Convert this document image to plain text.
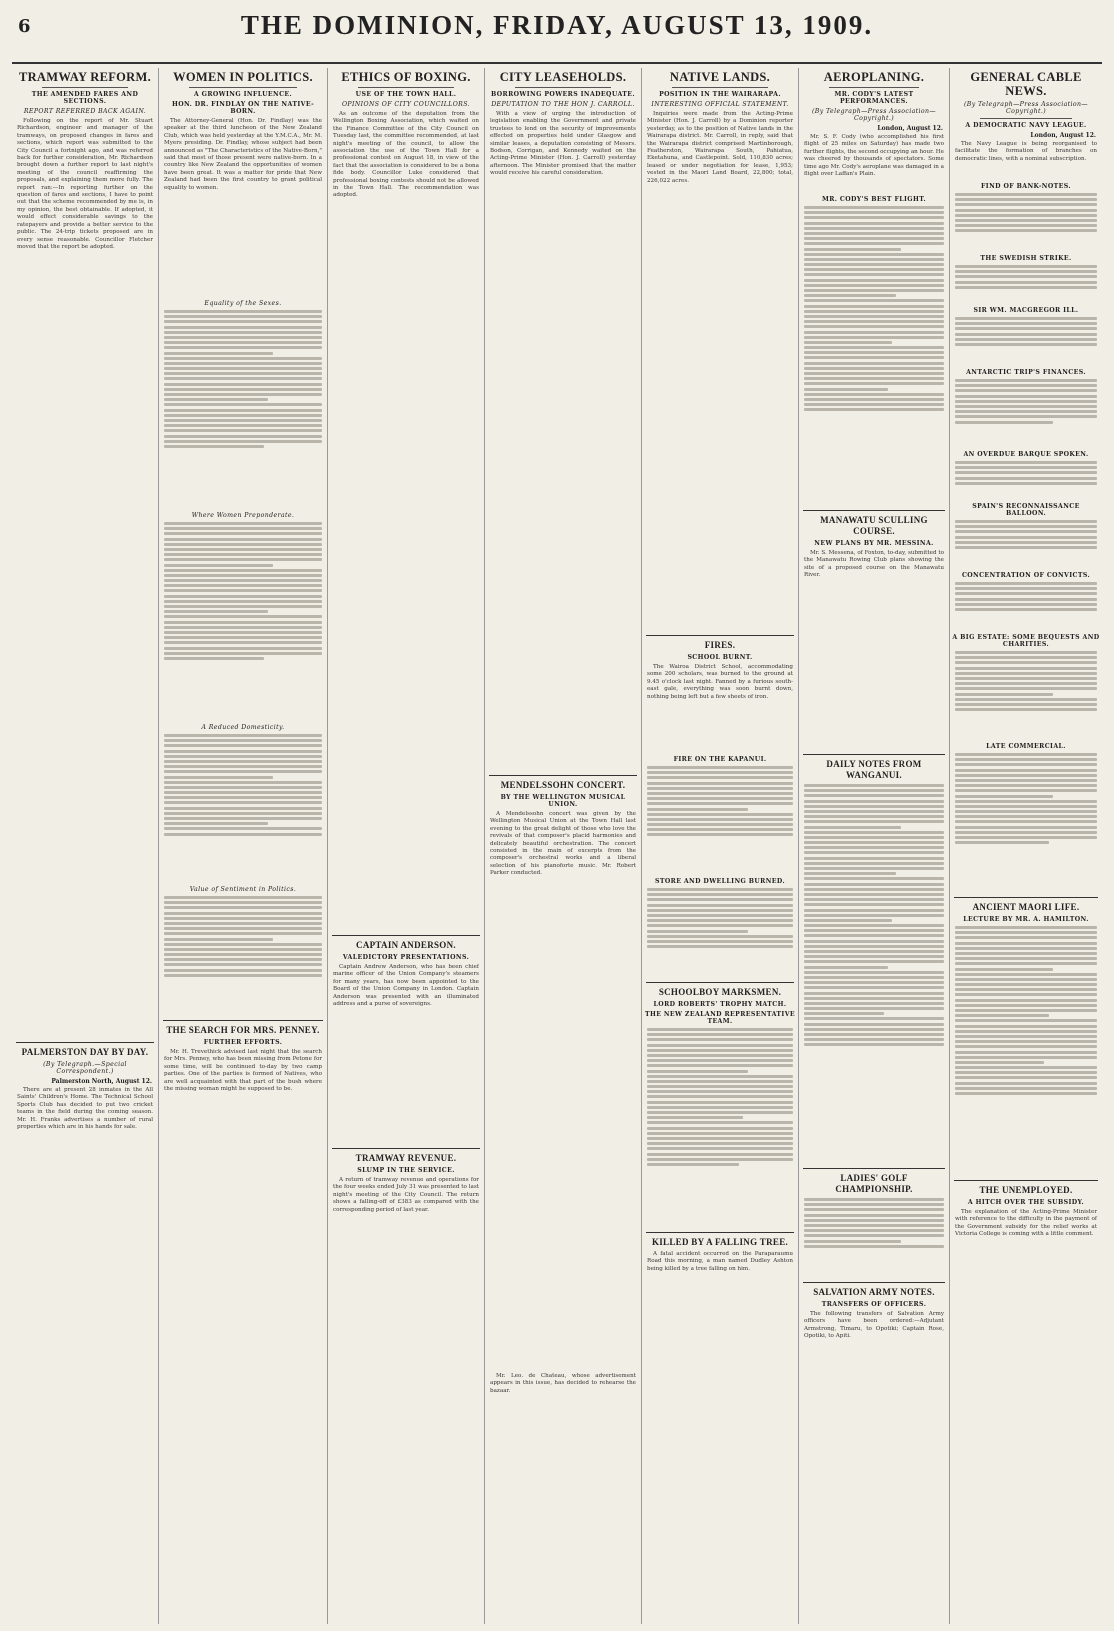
6	THE DOMINION, FRIDAY, AUGUST 13, 1909.
TRAMWAY REFORM.
THE AMENDED FARES AND SECTIONS.
REPORT REFERRED BACK AGAIN.

Following on the report of Mr. Stuart Richardson, engineer and manager of the tramways, on proposed changes in fares and sections, which report was submitted to the City Council a fortnight ago, and was referred back for further consideration, Mr. Richardson brought down a further report to last night's meeting of the council reaffirming the proposals, and explaining them more fully. The report ran:—In reporting further on the question of fares and sections, I have to point out that the scheme recommended by me is, in my opinion, the best obtainable. If adopted, it would effect considerable savings to the ratepayers and provide a better service to the public. The 24-trip tickets proposed are in every sense reasonable. Councillor Fletcher moved that the report be adopted.

PALMERSTON DAY BY DAY.
(By Telegraph.—Special Correspondent.)
Palmerston North, August 12.

There are at present 28 inmates in the All Saints' Children's Home. The Technical School Sports Club has decided to put two cricket teams in the field during the coming season. Mr. H. Franks advertises a number of rural properties which are in his hands for sale.

WOMEN IN POLITICS.
A GROWING INFLUENCE.
HON. DR. FINDLAY ON THE NATIVE-BORN.

The Attorney-General (Hon. Dr. Findlay) was the speaker at the third luncheon of the New Zealand Club, which was held yesterday at the Y.M.C.A., Mr. M. Myers presiding. Dr. Findlay, whose subject had been announced as "The Characteristics of the Native-Born," said that most of those present were native-born. In a country like New Zealand the opportunities of women have been great. It was a matter for pride that New Zealand had been the first country to grant political equality to women.

Equality of the Sexes.
Where Women Preponderate.
A Reduced Domesticity.
Value of Sentiment in Politics.
THE SEARCH FOR MRS. PENNEY.
FURTHER EFFORTS.

Mr. H. Trevethick advised last night that the search for Mrs. Penney, who has been missing from Petone for some time, will be continued to-day by two camp parties. One of the parties is formed of Natives, who are well acquainted with that part of the bush where the missing woman might be supposed to be.

ETHICS OF BOXING.
USE OF THE TOWN HALL.
OPINIONS OF CITY COUNCILLORS.

As an outcome of the deputation from the Wellington Boxing Association, which waited on the Finance Committee of the City Council on Tuesday last, the committee recommended, at last night's meeting of the council, to allow the association the use of the Town Hall for a professional contest on August 18, in view of the fact that the association is considered to be a bona fide body. Councillor Luke considered that professional boxing contests should not be allowed in the Town Hall. The recommendation was adopted.

CAPTAIN ANDERSON.
VALEDICTORY PRESENTATIONS.

Captain Andrew Anderson, who has been chief marine officer of the Union Company's steamers for many years, has now been appointed to the Board of the Union Company in London. Captain Anderson was presented with an illuminated address and a purse of sovereigns.

TRAMWAY REVENUE.
SLUMP IN THE SERVICE.

A return of tramway revenue and operations for the four weeks ended July 31 was presented to last night's meeting of the City Council. The return shows a falling-off of £383 as compared with the corresponding period of last year.

CITY LEASEHOLDS.
BORROWING POWERS INADEQUATE.
DEPUTATION TO THE HON J. CARROLL.

With a view of urging the introduction of legislation enabling the Government and private trustees to lend on the security of improvements effected on properties held under Glasgow and similar leases, a deputation consisting of Messrs. Bodson, Corrigan, and Kennedy waited on the Acting-Prime Minister (Hon. J. Carroll) yesterday afternoon. The Minister promised that the matter would receive his careful consideration.

MENDELSSOHN CONCERT.
BY THE WELLINGTON MUSICAL UNION.

A Mendelssohn concert was given by the Wellington Musical Union at the Town Hall last evening to the great delight of those who love the revivals of that composer's placid harmonies and delicately beautiful orchestration. The concert consisted in the main of excerpts from the composer's orchestral works and a liberal selection of his pianoforte music. Mr. Robert Parker conducted.

Mr. Leo. de Chateau, whose advertisement appears in this issue, has decided to rehearse the bazaar.

NATIVE LANDS.
POSITION IN THE WAIRARAPA.
INTERESTING OFFICIAL STATEMENT.

Inquiries were made from the Acting-Prime Minister (Hon. J. Carroll) by a Dominion reporter yesterday, as to the position of Native lands in the Wairarapa district. Mr. Carroll, in reply, said that the Wairarapa district comprised Martinborough, Featherston, Wairarapa South, Pahiatua, Eketahuna, and Castlepoint. Sold, 110,830 acres; leased or under negotiation for lease, 1,953; vested in the Maori Land Board, 22,800; total, 226,022 acres.

FIRES.
SCHOOL BURNT.

The Wairoa District School, accommodating some 200 scholars, was burned to the ground at 9.45 o'clock last night. Fanned by a furious south-east gale, everything was soon burnt down, nothing being left but a few sheets of iron.

FIRE ON THE KAPANUI.
STORE AND DWELLING BURNED.
SCHOOLBOY MARKSMEN.
LORD ROBERTS' TROPHY MATCH.
THE NEW ZEALAND REPRESENTATIVE TEAM.
KILLED BY A FALLING TREE.

A fatal accident occurred on the Paraparaumu Road this morning, a man named Dudley Ashton being killed by a tree falling on him.

AEROPLANING.
MR. CODY'S LATEST PERFORMANCES.
(By Telegraph—Press Association—Copyright.)
London, August 12.

Mr. S. F. Cody (who accomplished his first flight of 25 miles on Saturday) has made two further flights, the second occupying an hour. He was cheered by thousands of spectators. Some time ago Mr. Cody's aeroplane was damaged in a flight over Laffan's Plain.

MR. CODY'S BEST FLIGHT.
MANAWATU SCULLING COURSE.
NEW PLANS BY MR. MESSINA.

Mr. S. Messena, of Foxton, to-day, submitted to the Manawatu Rowing Club plans showing the site of a proposed course on the Manawatu River.

DAILY NOTES FROM WANGANUI.
LADIES' GOLF CHAMPIONSHIP.
SALVATION ARMY NOTES.
TRANSFERS OF OFFICERS.

The following transfers of Salvation Army officers have been ordered:—Adjutant Armstrong, Timaru, to Opotiki; Captain Rose, Opotiki, to Apiti.

GENERAL CABLE NEWS.
(By Telegraph—Press Association—Copyright.)
A DEMOCRATIC NAVY LEAGUE.
London, August 12.

The Navy League is being reorganised to facilitate the formation of branches on democratic lines, with a nominal subscription.

FIND OF BANK-NOTES.
THE SWEDISH STRIKE.
SIR WM. MACGREGOR ILL.
ANTARCTIC TRIP'S FINANCES.
AN OVERDUE BARQUE SPOKEN.
SPAIN'S RECONNAISSANCE BALLOON.
CONCENTRATION OF CONVICTS.
A BIG ESTATE: SOME BEQUESTS AND CHARITIES.
LATE COMMERCIAL.
ANCIENT MAORI LIFE.
LECTURE BY MR. A. HAMILTON.
THE UNEMPLOYED.
A HITCH OVER THE SUBSIDY.

The explanation of the Acting-Prime Minister with reference to the difficulty in the payment of the Government subsidy for the relief works at Victoria College is coming with a little comment.
